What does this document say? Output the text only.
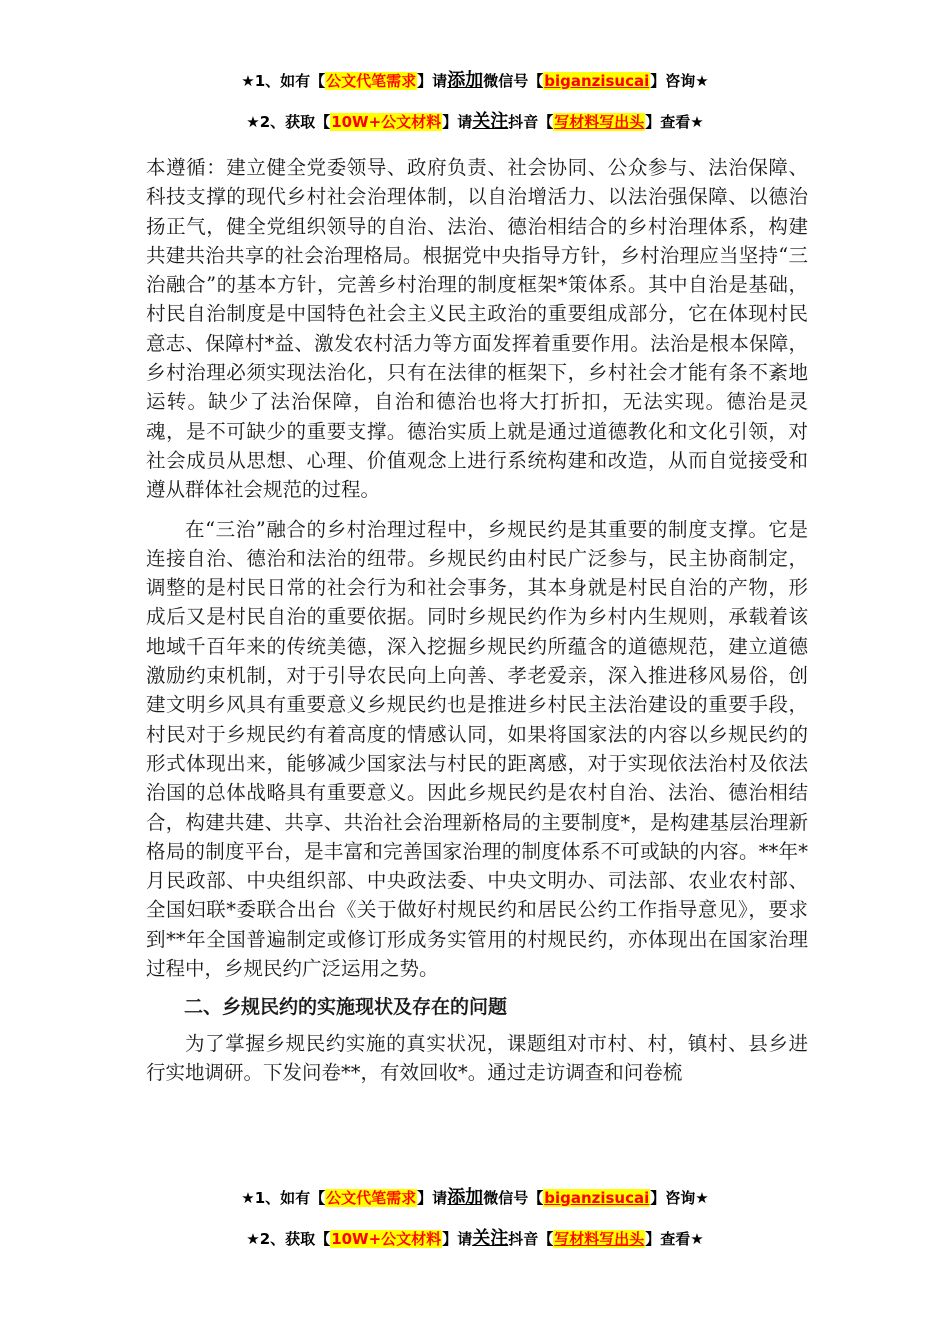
★1、如有【公文代笔需求】请添加微信号【biganzisucai】咨询★
★2、获取【10W+公文材料】请关注抖音【写材料写出头】查看★

本遵循：建立健全党委领导、政府负责、社会协同、公众参与、法治保障、科技支撑的现代乡村社会治理体制，以自治增活力、以法治强保障、以德治扬正气，健全党组织领导的自治、法治、德治相结合的乡村治理体系，构建共建共治共享的社会治理格局。根据党中央指导方针，乡村治理应当坚持“三治融合”的基本方针，完善乡村治理的制度框架*策体系。其中自治是基础，村民自治制度是中国特色社会主义民主政治的重要组成部分，它在体现村民意志、保障村*益、激发农村活力等方面发挥着重要作用。法治是根本保障，乡村治理必须实现法治化，只有在法律的框架下，乡村社会才能有条不紊地运转。缺少了法治保障，自治和德治也将大打折扣，无法实现。德治是灵魂，是不可缺少的重要支撑。德治实质上就是通过道德教化和文化引领，对社会成员从思想、心理、价值观念上进行系统构建和改造，从而自觉接受和遵从群体社会规范的过程。

在“三治”融合的乡村治理过程中，乡规民约是其重要的制度支撑。它是连接自治、德治和法治的纽带。乡规民约由村民广泛参与，民主协商制定，调整的是村民日常的社会行为和社会事务，其本身就是村民自治的产物，形成后又是村民自治的重要依据。同时乡规民约作为乡村内生规则，承载着该地域千百年来的传统美德，深入挖掘乡规民约所蕴含的道德规范，建立道德激励约束机制，对于引导农民向上向善、孝老爱亲，深入推进移风易俗，创建文明乡风具有重要意义乡规民约也是推进乡村民主法治建设的重要手段，村民对于乡规民约有着高度的情感认同，如果将国家法的内容以乡规民约的形式体现出来，能够减少国家法与村民的距离感，对于实现依法治村及依法治国的总体战略具有重要意义。因此乡规民约是农村自治、法治、德治相结合，构建共建、共享、共治社会治理新格局的主要制度*，是构建基层治理新格局的制度平台，是丰富和完善国家治理的制度体系不可或缺的内容。**年*月民政部、中央组织部、中央政法委、中央文明办、司法部、农业农村部、全国妇联*委联合出台《关于做好村规民约和居民公约工作指导意见》，要求到**年全国普遍制定或修订形成务实管用的村规民约，亦体现出在国家治理过程中，乡规民约广泛运用之势。

二、乡规民约的实施现状及存在的问题

为了掌握乡规民约实施的真实状况，课题组对市村、村，镇村、县乡进行实地调研。下发问卷**，有效回收*。通过走访调查和问卷梳

★1、如有【公文代笔需求】请添加微信号【biganzisucai】咨询★
★2、获取【10W+公文材料】请关注抖音【写材料写出头】查看★
